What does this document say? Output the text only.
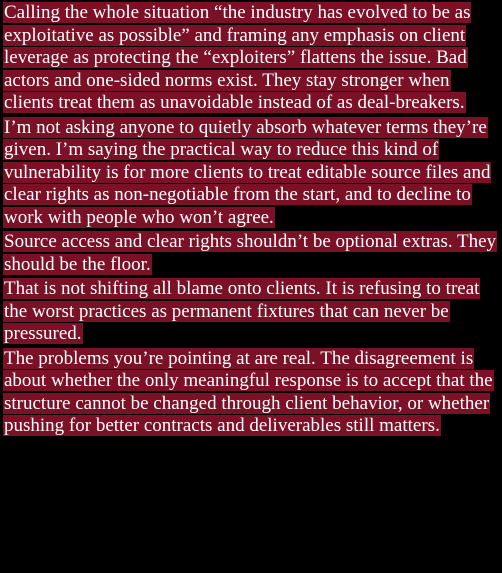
Calling the whole situation “the industry has evolved to be as exploitative as possible” and framing any emphasis on client leverage as protecting the “exploiters” flattens the issue. Bad actors and one-sided norms exist. They stay stronger when clients treat them as unavoidable instead of as deal-breakers.

I’m not asking anyone to quietly absorb whatever terms they’re given. I’m saying the practical way to reduce this kind of vulnerability is for more clients to treat editable source files and clear rights as non-negotiable from the start, and to decline to work with people who won’t agree.

Source access and clear rights shouldn’t be optional extras. They should be the floor.

That is not shifting all blame onto clients. It is refusing to treat the worst practices as permanent fixtures that can never be pressured.

The problems you’re pointing at are real. The disagreement is about whether the only meaningful response is to accept that the structure cannot be changed through client behavior, or whether pushing for better contracts and deliverables still matters.
